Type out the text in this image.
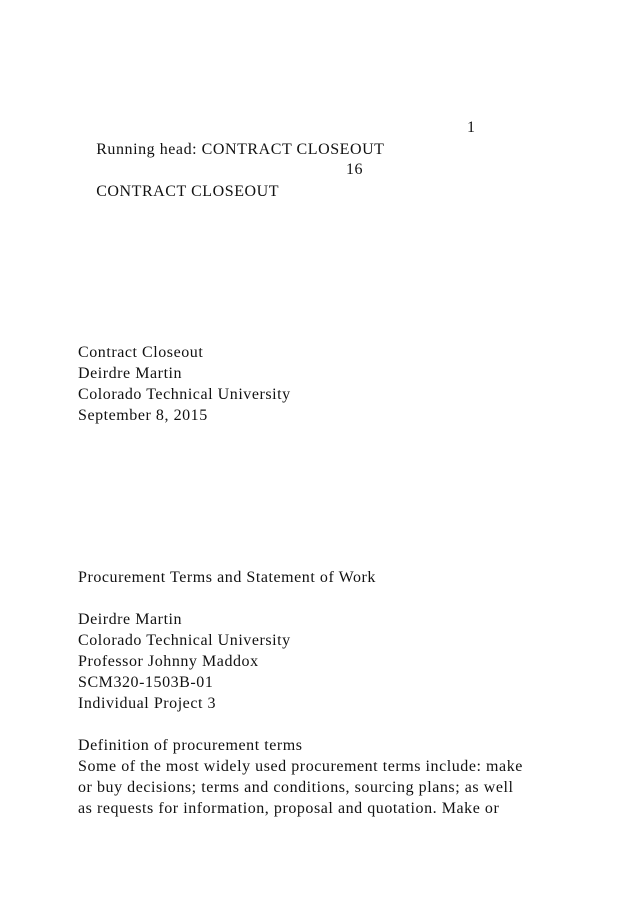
Running head: CONTRACT CLOSEOUT

1

CONTRACT CLOSEOUT

16

Contract Closeout
Deirdre Martin
Colorado Technical University
September 8, 2015
Procurement Terms and Statement of Work
Deirdre Martin
Colorado Technical University
Professor Johnny Maddox
SCM320-1503B-01
Individual Project 3
Definition of procurement terms
Some of the most widely used procurement terms include: make
or buy decisions; terms and conditions, sourcing plans; as well
as requests for information, proposal and quotation. Make or
